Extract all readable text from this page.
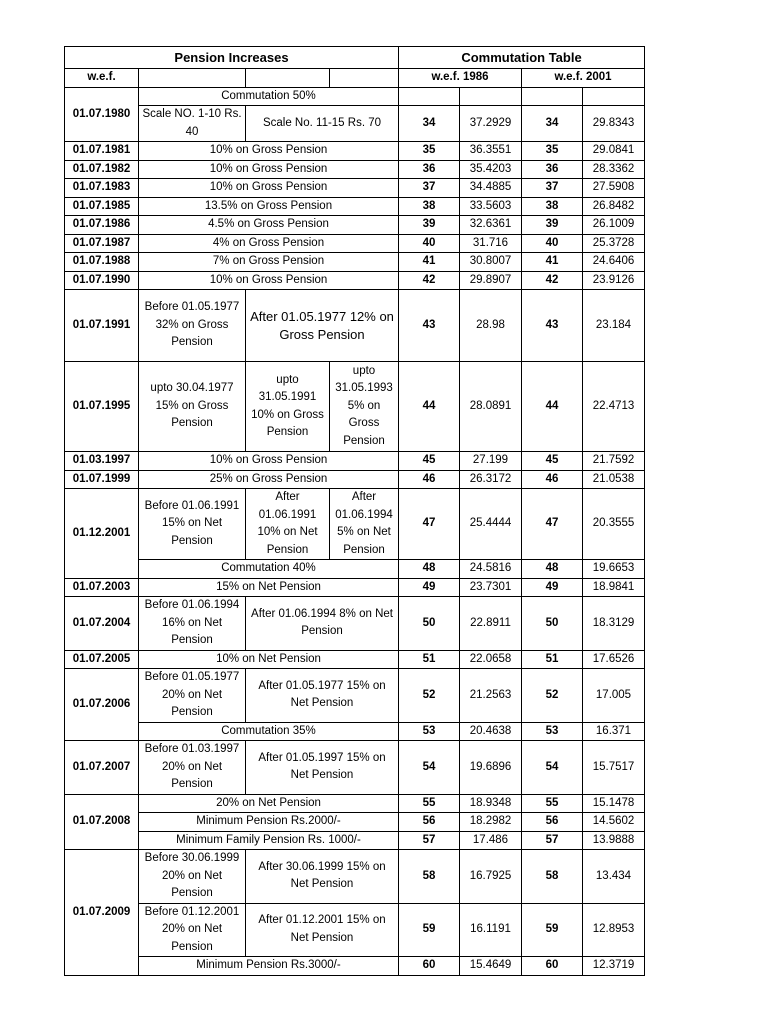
Pension Increases				Commutation Table			
w.e.f.				w.e.f. 1986		w.e.f. 2001	
01.07.1980	Commutation 50%						
	Scale NO. 1-10 Rs. 40	Scale No. 11-15 Rs. 70		34	37.2929	34	29.8343
01.07.1981	10% on Gross Pension			35	36.3551	35	29.0841
01.07.1982	10% on Gross Pension			36	35.4203	36	28.3362
01.07.1983	10% on Gross Pension			37	34.4885	37	27.5908
01.07.1985	13.5% on Gross Pension			38	33.5603	38	26.8482
01.07.1986	4.5% on Gross Pension			39	32.6361	39	26.1009
01.07.1987	4% on Gross Pension			40	31.716	40	25.3728
01.07.1988	7% on Gross Pension			41	30.8007	41	24.6406
01.07.1990	10% on Gross Pension			42	29.8907	42	23.9126
01.07.1991	Before 01.05.1977 32% on Gross Pension	After 01.05.1977 12% on Gross Pension		43	28.98	43	23.184
01.07.1995	upto 30.04.1977 15% on Gross Pension	upto 31.05.1991 10% on Gross Pension	upto 31.05.1993 5% on Gross Pension	44	28.0891	44	22.4713
01.03.1997	10% on Gross Pension			45	27.199	45	21.7592
01.07.1999	25% on Gross Pension			46	26.3172	46	21.0538
01.12.2001	Before 01.06.1991 15% on Net Pension	After 01.06.1991 10% on Net Pension	After 01.06.1994 5% on Net Pension	47	25.4444	47	20.3555
	Commutation 40%			48	24.5816	48	19.6653
01.07.2003	15% on Net Pension			49	23.7301	49	18.9841
01.07.2004	Before 01.06.1994 16% on Net Pension	After 01.06.1994 8% on Net Pension		50	22.8911	50	18.3129
01.07.2005	10% on Net Pension			51	22.0658	51	17.6526
01.07.2006	Before 01.05.1977 20% on Net Pension	After 01.05.1977 15% on Net Pension		52	21.2563	52	17.005
	Commutation 35%			53	20.4638	53	16.371
01.07.2007	Before 01.03.1997 20% on Net Pension	After 01.05.1997 15% on Net Pension		54	19.6896	54	15.7517
01.07.2008	20% on Net Pension			55	18.9348	55	15.1478
	Minimum Pension Rs.2000/-			56	18.2982	56	14.5602
	Minimum Family Pension Rs. 1000/-			57	17.486	57	13.9888
01.07.2009	Before 30.06.1999 20% on Net Pension	After 30.06.1999 15% on Net Pension		58	16.7925	58	13.434
	Before 01.12.2001 20% on Net Pension	After 01.12.2001 15% on Net Pension		59	16.1191	59	12.8953
	Minimum Pension Rs.3000/-			60	15.4649	60	12.3719
